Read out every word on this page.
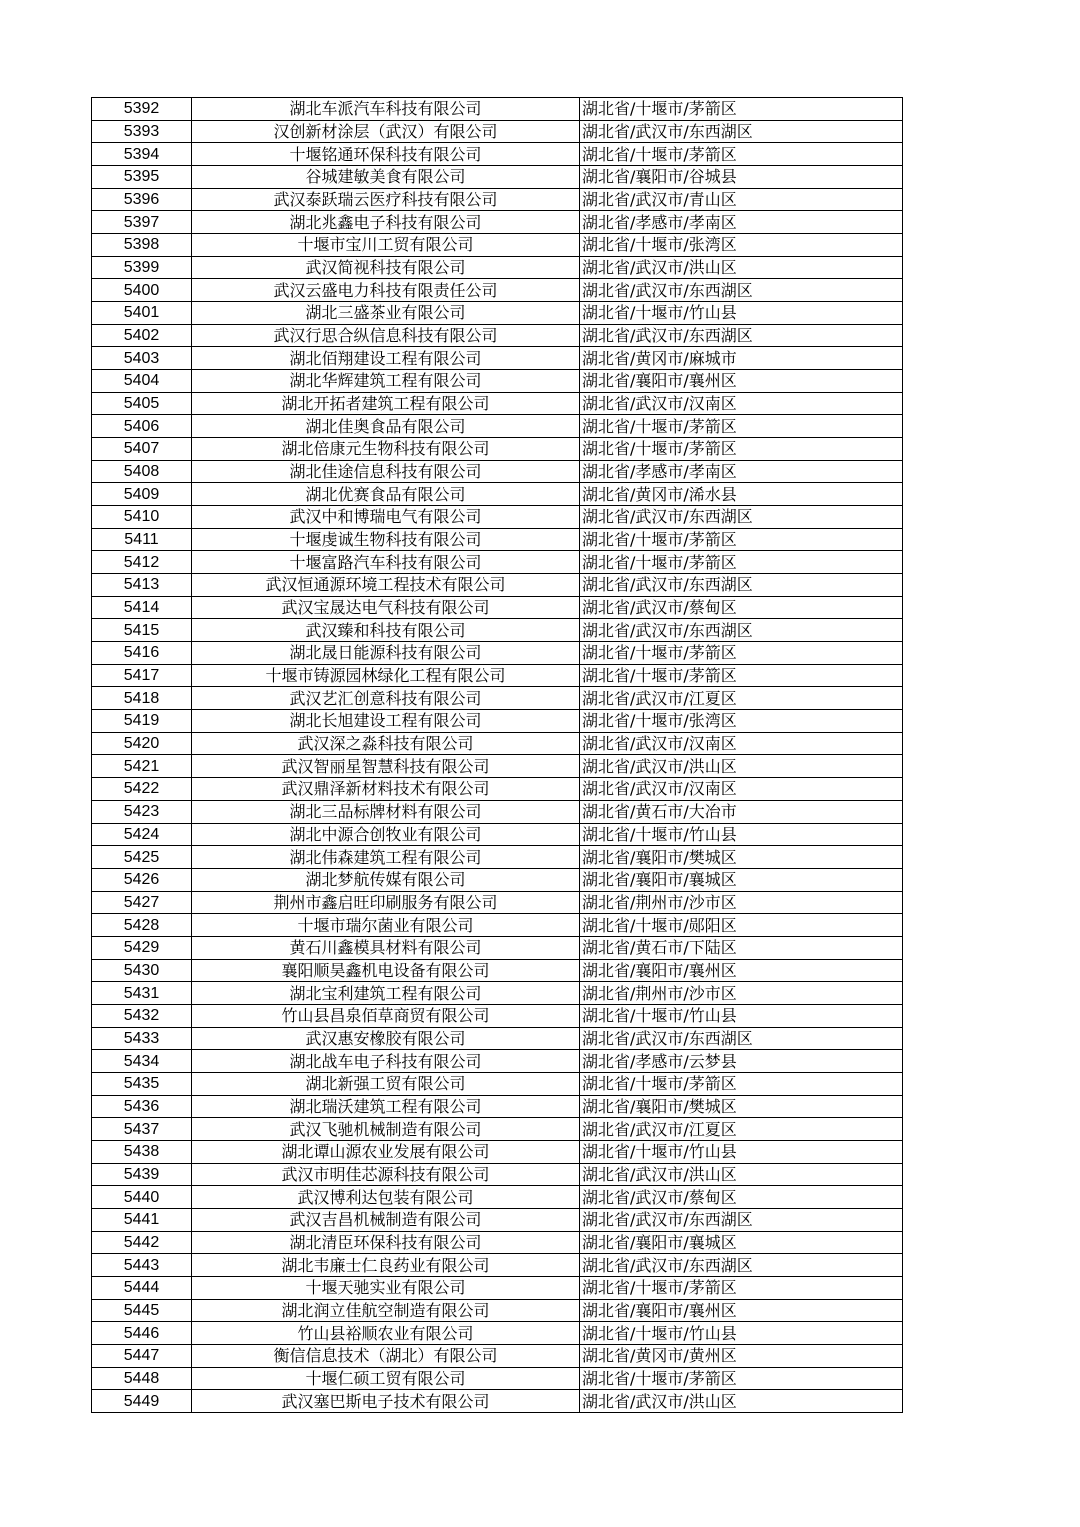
5392	湖北车派汽车科技有限公司	湖北省/十堰市/茅箭区
5393	汉创新材涂层（武汉）有限公司	湖北省/武汉市/东西湖区
5394	十堰铭通环保科技有限公司	湖北省/十堰市/茅箭区
5395	谷城建敏美食有限公司	湖北省/襄阳市/谷城县
5396	武汉泰跃瑞云医疗科技有限公司	湖北省/武汉市/青山区
5397	湖北兆鑫电子科技有限公司	湖北省/孝感市/孝南区
5398	十堰市宝川工贸有限公司	湖北省/十堰市/张湾区
5399	武汉简视科技有限公司	湖北省/武汉市/洪山区
5400	武汉云盛电力科技有限责任公司	湖北省/武汉市/东西湖区
5401	湖北三盛茶业有限公司	湖北省/十堰市/竹山县
5402	武汉行思合纵信息科技有限公司	湖北省/武汉市/东西湖区
5403	湖北佰翔建设工程有限公司	湖北省/黄冈市/麻城市
5404	湖北华辉建筑工程有限公司	湖北省/襄阳市/襄州区
5405	湖北开拓者建筑工程有限公司	湖北省/武汉市/汉南区
5406	湖北佳奥食品有限公司	湖北省/十堰市/茅箭区
5407	湖北倍康元生物科技有限公司	湖北省/十堰市/茅箭区
5408	湖北佳途信息科技有限公司	湖北省/孝感市/孝南区
5409	湖北优赛食品有限公司	湖北省/黄冈市/浠水县
5410	武汉中和博瑞电气有限公司	湖北省/武汉市/东西湖区
5411	十堰虔诚生物科技有限公司	湖北省/十堰市/茅箭区
5412	十堰富路汽车科技有限公司	湖北省/十堰市/茅箭区
5413	武汉恒通源环境工程技术有限公司	湖北省/武汉市/东西湖区
5414	武汉宝晟达电气科技有限公司	湖北省/武汉市/蔡甸区
5415	武汉臻和科技有限公司	湖北省/武汉市/东西湖区
5416	湖北晟日能源科技有限公司	湖北省/十堰市/茅箭区
5417	十堰市铸源园林绿化工程有限公司	湖北省/十堰市/茅箭区
5418	武汉艺汇创意科技有限公司	湖北省/武汉市/江夏区
5419	湖北长旭建设工程有限公司	湖北省/十堰市/张湾区
5420	武汉深之淼科技有限公司	湖北省/武汉市/汉南区
5421	武汉智丽星智慧科技有限公司	湖北省/武汉市/洪山区
5422	武汉鼎泽新材料技术有限公司	湖北省/武汉市/汉南区
5423	湖北三品标牌材料有限公司	湖北省/黄石市/大冶市
5424	湖北中源合创牧业有限公司	湖北省/十堰市/竹山县
5425	湖北伟森建筑工程有限公司	湖北省/襄阳市/樊城区
5426	湖北梦航传媒有限公司	湖北省/襄阳市/襄城区
5427	荆州市鑫启旺印刷服务有限公司	湖北省/荆州市/沙市区
5428	十堰市瑞尔菌业有限公司	湖北省/十堰市/郧阳区
5429	黄石川鑫模具材料有限公司	湖北省/黄石市/下陆区
5430	襄阳顺昊鑫机电设备有限公司	湖北省/襄阳市/襄州区
5431	湖北宝利建筑工程有限公司	湖北省/荆州市/沙市区
5432	竹山县昌泉佰草商贸有限公司	湖北省/十堰市/竹山县
5433	武汉惠安橡胶有限公司	湖北省/武汉市/东西湖区
5434	湖北战车电子科技有限公司	湖北省/孝感市/云梦县
5435	湖北新强工贸有限公司	湖北省/十堰市/茅箭区
5436	湖北瑞沃建筑工程有限公司	湖北省/襄阳市/樊城区
5437	武汉飞驰机械制造有限公司	湖北省/武汉市/江夏区
5438	湖北谭山源农业发展有限公司	湖北省/十堰市/竹山县
5439	武汉市明佳芯源科技有限公司	湖北省/武汉市/洪山区
5440	武汉博利达包装有限公司	湖北省/武汉市/蔡甸区
5441	武汉吉昌机械制造有限公司	湖北省/武汉市/东西湖区
5442	湖北清臣环保科技有限公司	湖北省/襄阳市/襄城区
5443	湖北韦廉士仁良药业有限公司	湖北省/武汉市/东西湖区
5444	十堰天驰实业有限公司	湖北省/十堰市/茅箭区
5445	湖北润立佳航空制造有限公司	湖北省/襄阳市/襄州区
5446	竹山县裕顺农业有限公司	湖北省/十堰市/竹山县
5447	衡信信息技术（湖北）有限公司	湖北省/黄冈市/黄州区
5448	十堰仁硕工贸有限公司	湖北省/十堰市/茅箭区
5449	武汉塞巴斯电子技术有限公司	湖北省/武汉市/洪山区
